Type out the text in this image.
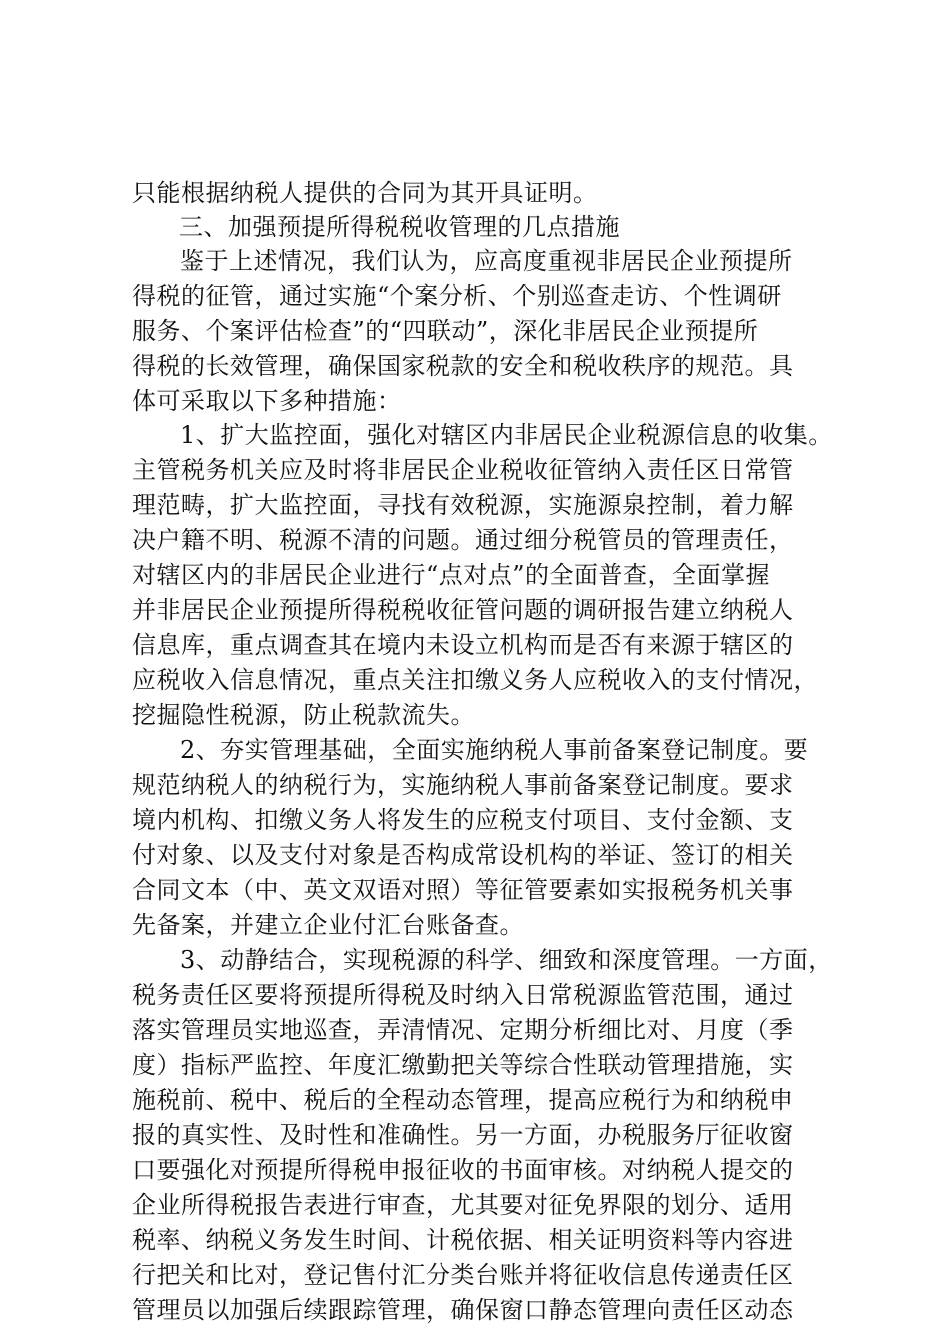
只能根据纳税人提供的合同为其开具证明。
三、加强预提所得税税收管理的几点措施
鉴于上述情况，我们认为，应高度重视非居民企业预提所
得税的征管，通过实施“个案分析、个别巡查走访、个性调研
服务、个案评估检查”的“四联动”，深化非居民企业预提所
得税的长效管理，确保国家税款的安全和税收秩序的规范。具
体可采取以下多种措施：
1、扩大监控面，强化对辖区内非居民企业税源信息的收集。
主管税务机关应及时将非居民企业税收征管纳入责任区日常管
理范畴，扩大监控面，寻找有效税源，实施源泉控制，着力解
决户籍不明、税源不清的问题。通过细分税管员的管理责任，
对辖区内的非居民企业进行“点对点”的全面普查，全面掌握
并非居民企业预提所得税税收征管问题的调研报告建立纳税人
信息库，重点调查其在境内未设立机构而是否有来源于辖区的
应税收入信息情况，重点关注扣缴义务人应税收入的支付情况，
挖掘隐性税源，防止税款流失。
2、夯实管理基础，全面实施纳税人事前备案登记制度。要
规范纳税人的纳税行为，实施纳税人事前备案登记制度。要求
境内机构、扣缴义务人将发生的应税支付项目、支付金额、支
付对象、以及支付对象是否构成常设机构的举证、签订的相关
合同文本（中、英文双语对照）等征管要素如实报税务机关事
先备案，并建立企业付汇台账备查。
3、动静结合，实现税源的科学、细致和深度管理。一方面，
税务责任区要将预提所得税及时纳入日常税源监管范围，通过
落实管理员实地巡查，弄清情况、定期分析细比对、月度（季
度）指标严监控、年度汇缴勤把关等综合性联动管理措施，实
施税前、税中、税后的全程动态管理，提高应税行为和纳税申
报的真实性、及时性和准确性。另一方面，办税服务厅征收窗
口要强化对预提所得税申报征收的书面审核。对纳税人提交的
企业所得税报告表进行审查，尤其要对征免界限的划分、适用
税率、纳税义务发生时间、计税依据、相关证明资料等内容进
行把关和比对，登记售付汇分类台账并将征收信息传递责任区
管理员以加强后续跟踪管理，确保窗口静态管理向责任区动态
